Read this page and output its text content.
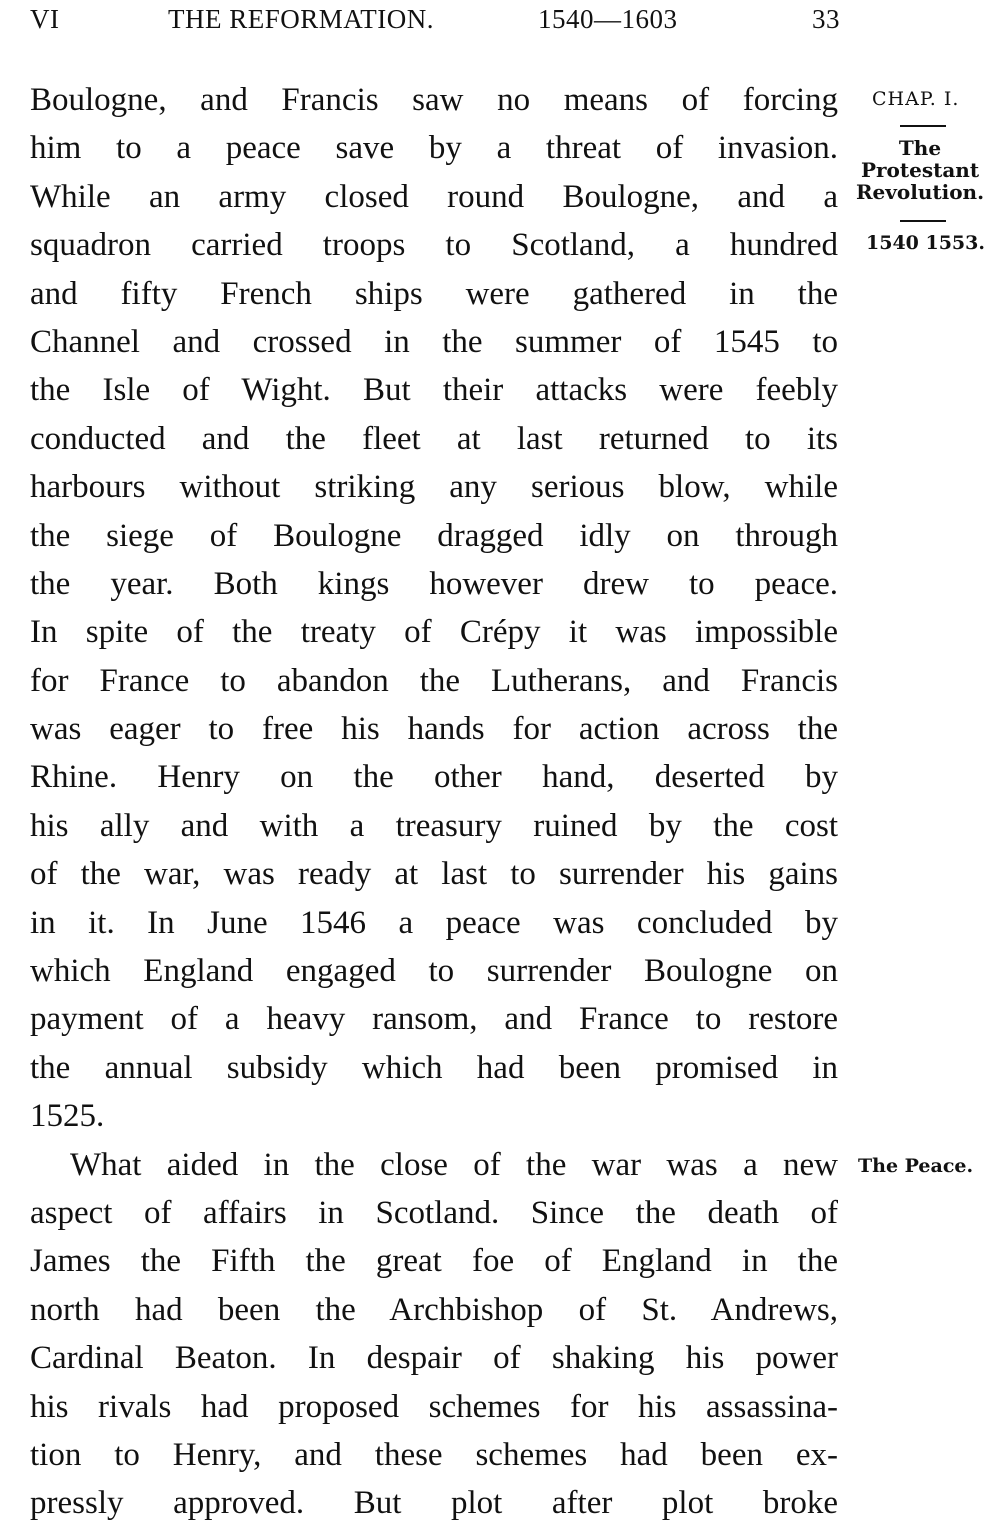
VI	THE REFORMATION.	1540—1603	33
Boulogne, and Francis saw no means of forcing
him to a peace save by a threat of invasion.
While an army closed round Boulogne, and a
squadron carried troops to Scotland, a hundred
and fifty French ships were gathered in the
Channel and crossed in the summer of 1545 to
the Isle of Wight. But their attacks were feebly
conducted and the fleet at last returned to its
harbours without striking any serious blow, while
the siege of Boulogne dragged idly on through
the year. Both kings however drew to peace.
In spite of the treaty of Crépy it was impossible
for France to abandon the Lutherans, and Francis
was eager to free his hands for action across the
Rhine. Henry on the other hand, deserted by
his ally and with a treasury ruined by the cost
of the war, was ready at last to surrender his gains
in it. In June 1546 a peace was concluded by
which England engaged to surrender Boulogne on
payment of a heavy ransom, and France to restore
the annual subsidy which had been promised in
1525.
What aided in the close of the war was a new
aspect of affairs in Scotland. Since the death of
James the Fifth the great foe of England in the
north had been the Archbishop of St. Andrews,
Cardinal Beaton. In despair of shaking his power
his rivals had proposed schemes for his assassina-
tion to Henry, and these schemes had been ex-
pressly approved. But plot after plot broke
CHAP. I.
The
Protestant
Revolution.
1540 1553.
The Peace.
